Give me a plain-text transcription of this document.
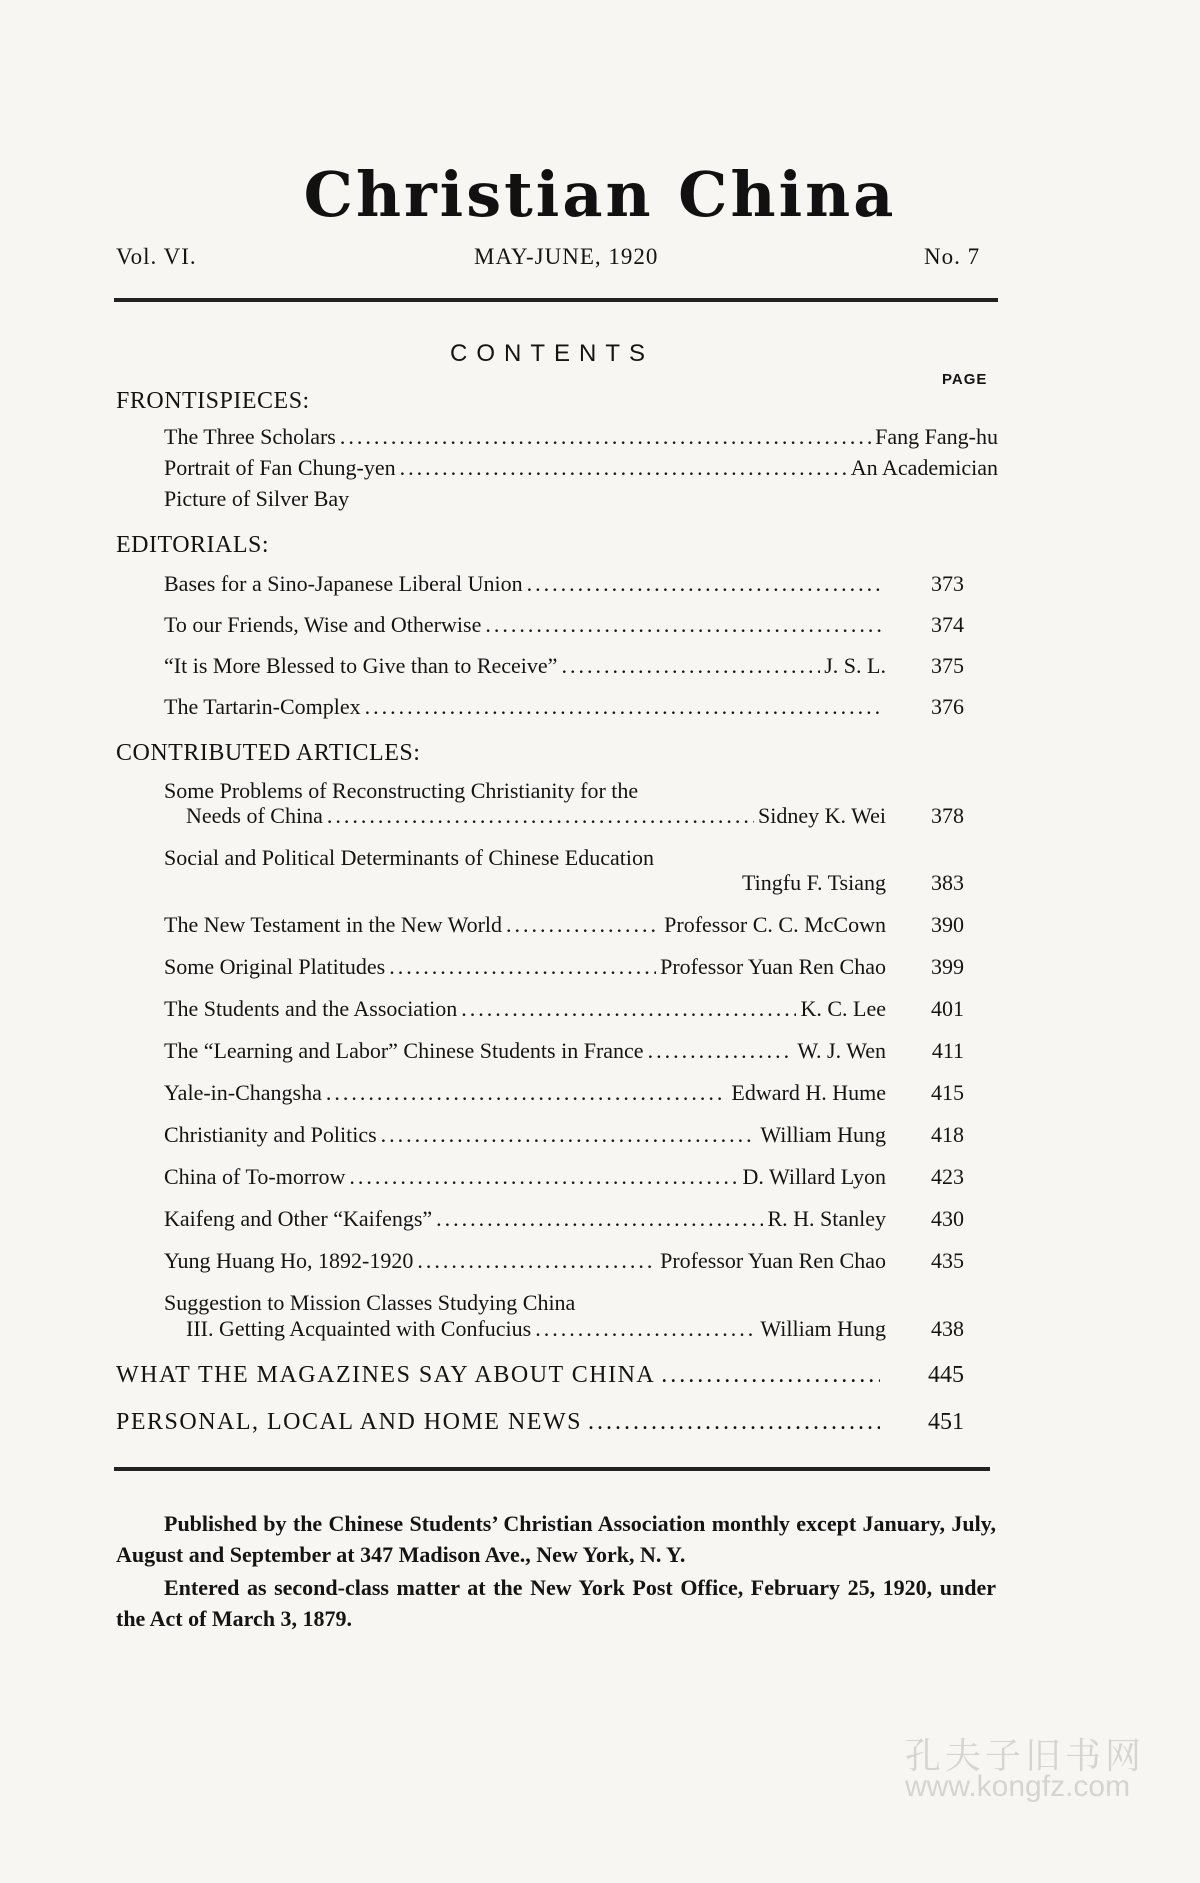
Christian China
Vol. VI.	MAY-JUNE, 1920	No. 7
CONTENTS
PAGE
FRONTISPIECES:
The Three Scholars .....	Fang Fang-hu
Portrait of Fan Chung-yen .....	An Academician
Picture of Silver Bay
EDITORIALS:
Bases for a Sino-Japanese Liberal Union .....	373
To our Friends, Wise and Otherwise .....	374
“It is More Blessed to Give than to Receive” .....	J. S. L.	375
The Tartarin-Complex .....	376
CONTRIBUTED ARTICLES:
Some Problems of Reconstructing Christianity for the
Needs of China .....	Sidney K. Wei	378
Social and Political Determinants of Chinese Education
Tingfu F. Tsiang	383
The New Testament in the New World .....	Professor C. C. McCown	390
Some Original Platitudes .....	Professor Yuan Ren Chao	399
The Students and the Association .....	K. C. Lee	401
The “Learning and Labor” Chinese Students in France .....	W. J. Wen	411
Yale-in-Changsha .....	Edward H. Hume	415
Christianity and Politics .....	William Hung	418
China of To-morrow .....	D. Willard Lyon	423
Kaifeng and Other “Kaifengs” .....	R. H. Stanley	430
Yung Huang Ho, 1892-1920 .....	Professor Yuan Ren Chao	435
Suggestion to Mission Classes Studying China
III. Getting Acquainted with Confucius .....	William Hung	438
WHAT THE MAGAZINES SAY ABOUT CHINA .....	445
PERSONAL, LOCAL AND HOME NEWS .....	451

Published by the Chinese Students’ Christian Association monthly except January, July, August and September at 347 Madison Ave., New York, N. Y.

Entered as second-class matter at the New York Post Office, February 25, 1920, under the Act of March 3, 1879.

孔夫子旧书网
www.kongfz.com
